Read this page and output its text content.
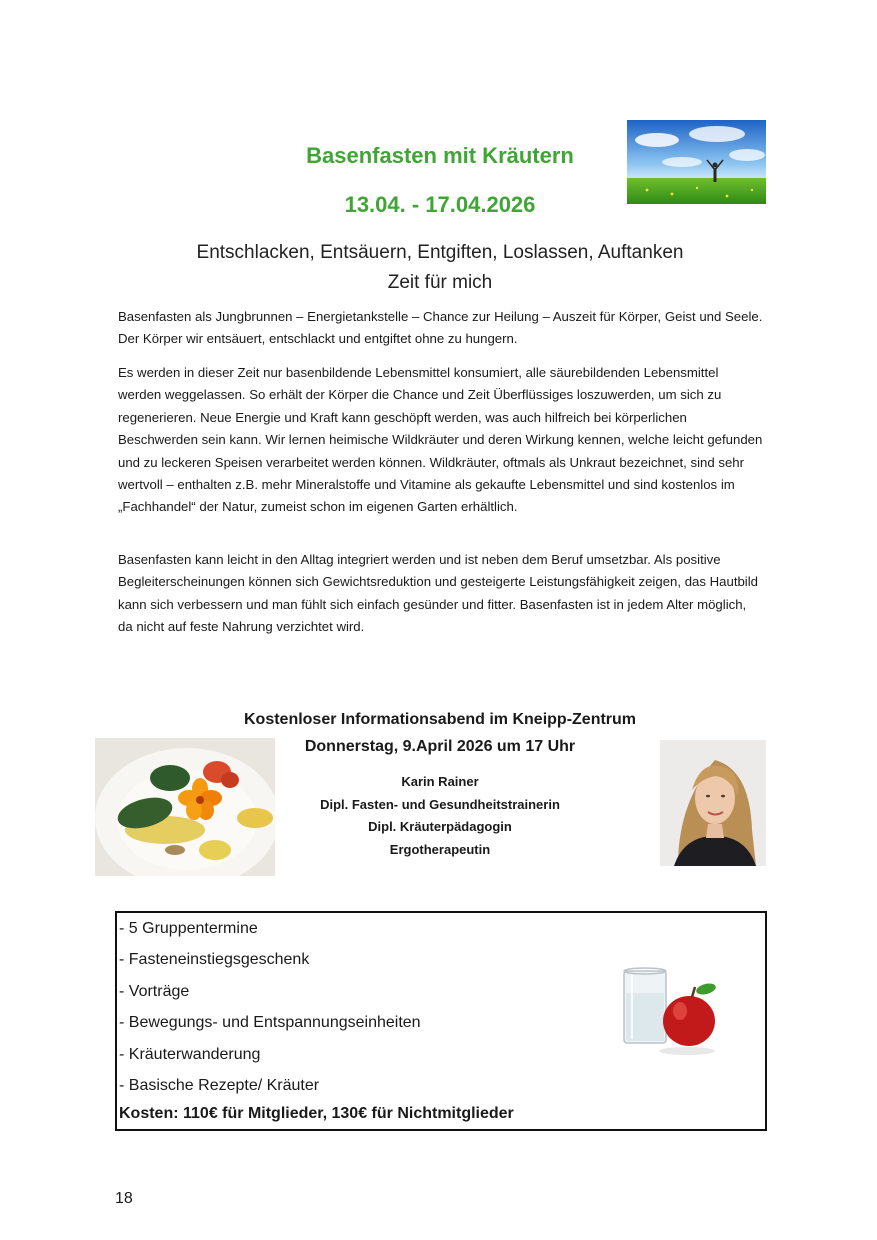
Basenfasten mit Kräutern
13.04. - 17.04.2026
Entschlacken, Entsäuern, Entgiften, Loslassen, Auftanken
Zeit für mich

Basenfasten als Jungbrunnen – Energietankstelle – Chance zur Heilung – Auszeit für Körper, Geist und Seele. Der Körper wir entsäuert, entschlackt und entgiftet ohne zu hungern.

Es werden in dieser Zeit nur basenbildende Lebensmittel konsumiert, alle säurebildenden Lebensmittel werden weggelassen. So erhält der Körper die Chance und Zeit Überflüssiges loszuwerden, um sich zu regenerieren. Neue Energie und Kraft kann geschöpft werden, was auch hilfreich bei körperlichen Beschwerden sein kann. Wir lernen heimische Wildkräuter und deren Wirkung kennen, welche leicht gefunden und zu leckeren Speisen verarbeitet werden können. Wildkräuter, oftmals als Unkraut bezeichnet, sind sehr wertvoll – enthalten z.B. mehr Mineralstoffe und Vitamine als gekaufte Lebensmittel und sind kostenlos im „Fachhandel“ der Natur, zumeist schon im eigenen Garten erhältlich.

Basenfasten kann leicht in den Alltag integriert werden und ist neben dem Beruf umsetzbar. Als positive Begleiterscheinungen können sich Gewichtsreduktion und gesteigerte Leistungsfähigkeit zeigen, das Hautbild kann sich verbessern und man fühlt sich einfach gesünder und fitter. Basenfasten ist in jedem Alter möglich, da nicht auf feste Nahrung verzichtet wird.

Kostenloser Informationsabend im Kneipp-Zentrum
Donnerstag, 9.April 2026 um 17 Uhr
Karin Rainer
Dipl. Fasten- und Gesundheitstrainerin
Dipl. Kräuterpädagogin
Ergotherapeutin
- 5 Gruppentermine
- Fasteneinstiegsgeschenk
- Vorträge
- Bewegungs- und Entspannungseinheiten
- Kräuterwanderung
- Basische Rezepte/ Kräuter
Kosten: 110€ für Mitglieder, 130€ für Nichtmitglieder
18
